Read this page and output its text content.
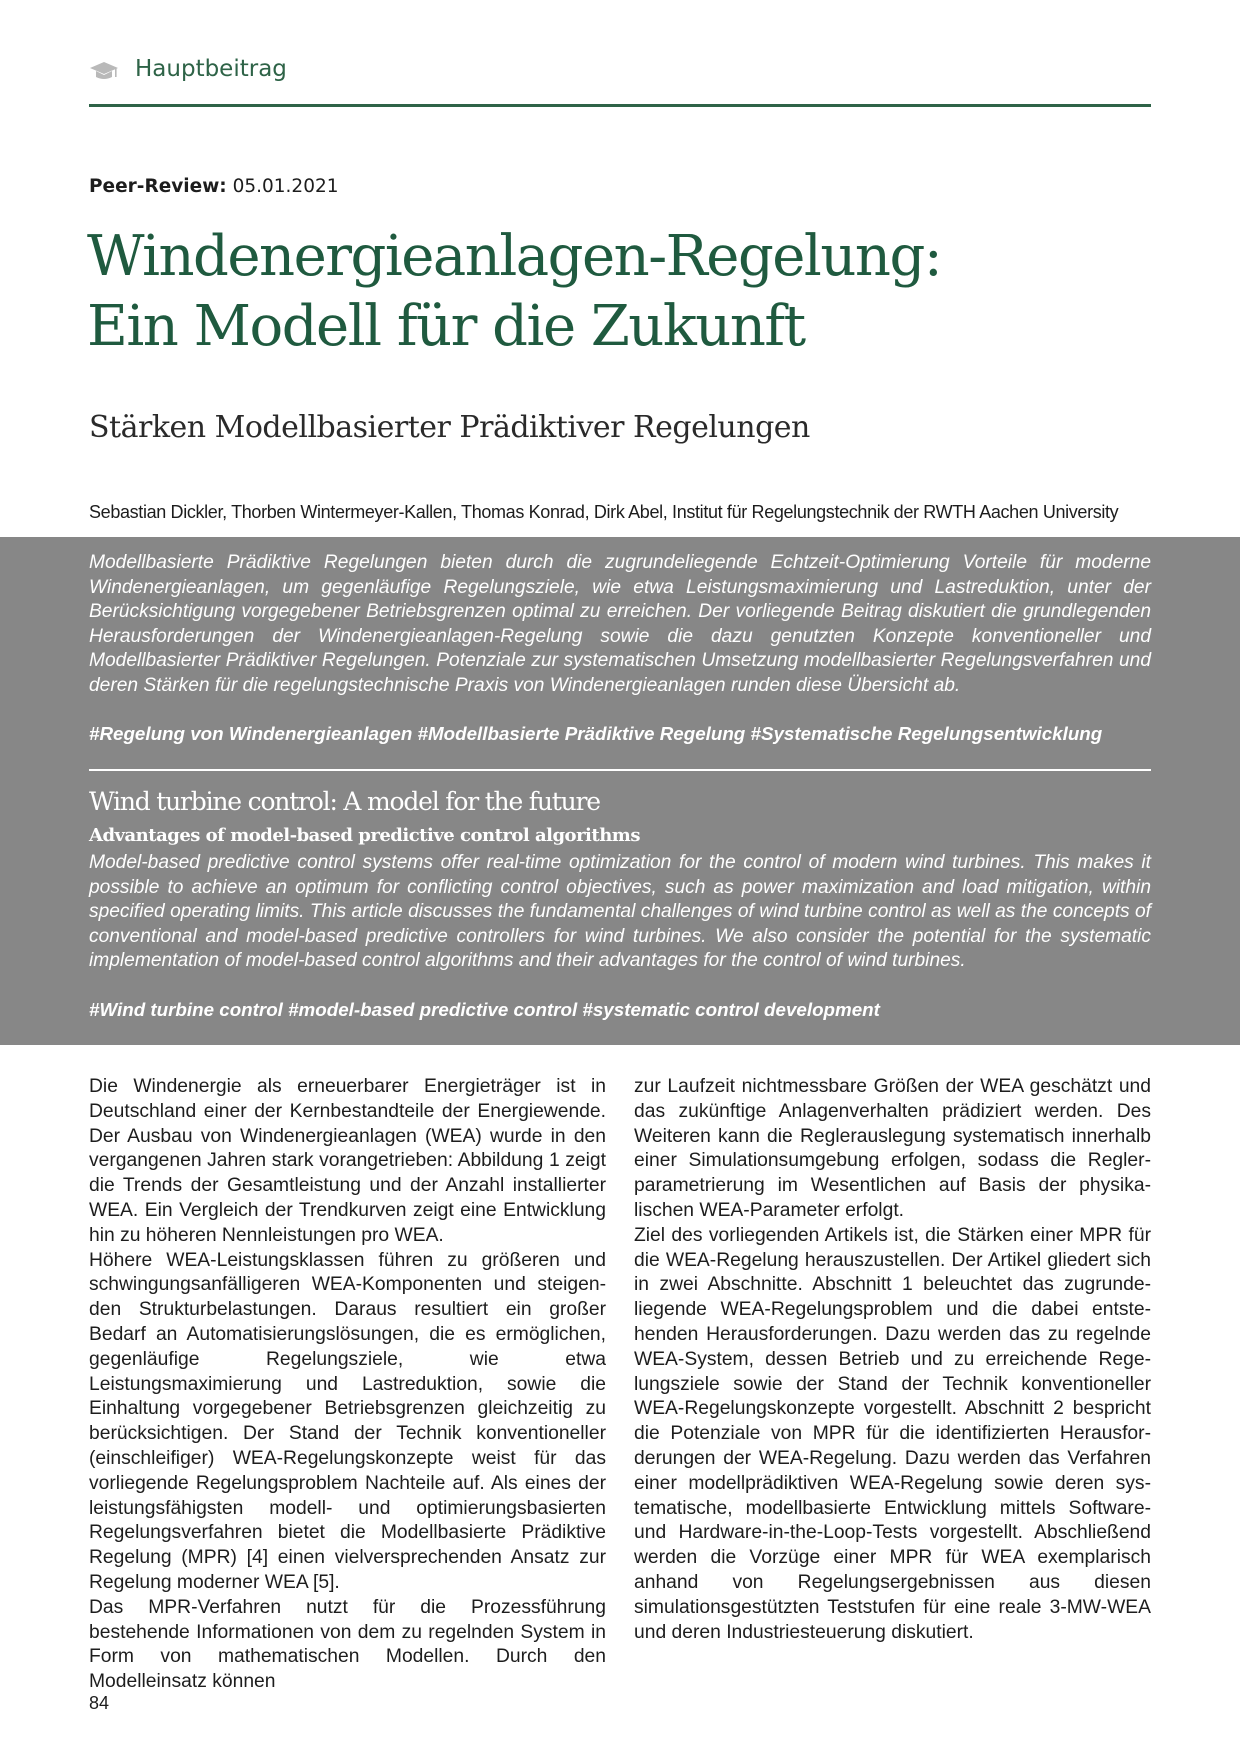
Hauptbeitrag
Peer-Review: 05.01.2021
Windenergieanlagen-Regelung:
Ein Modell für die Zukunft
Stärken Modellbasierter Prädiktiver Regelungen
Sebastian Dickler, Thorben Wintermeyer-Kallen, Thomas Konrad, Dirk Abel, Institut für Regelungstechnik der RWTH Aachen University

Modellbasierte Prädiktive Regelungen bieten durch die zugrundeliegende Echtzeit-Optimierung Vorteile für moderne Windenergieanlagen, um gegenläufige Regelungsziele, wie etwa Leistungsmaximierung und Lastreduktion, unter der Berücksichtigung vorgegebener Betriebsgrenzen optimal zu erreichen. Der vorliegende Beitrag diskutiert die grundlegenden Herausforderungen der Windenergieanlagen-Regelung sowie die dazu genutzten Konzepte konventioneller und Modellbasierter Prädiktiver Regelungen. Potenziale zur systematischen Umsetzung modellbasierter Regelungsverfahren und deren Stärken für die regelungstechnische Praxis von Windenergieanlagen runden diese Übersicht ab.

#Regelung von Windenergieanlagen #Modellbasierte Prädiktive Regelung #Systematische Regelungsentwicklung

Wind turbine control: A model for the future
Advantages of model-based predictive control algorithms

Model-based predictive control systems offer real-time optimization for the control of modern wind turbines. This makes it possible to achieve an optimum for conflicting control objectives, such as power maximization and load mitigation, within specified operating limits. This article discusses the fundamental challenges of wind turbine control as well as the concepts of conventional and model-based predictive controllers for wind turbines. We also consider the potential for the systematic implementation of model-based control algorithms and their advantages for the control of wind turbines.

#Wind turbine control #model-based predictive control #systematic control development

Die Windenergie als erneuerbarer Energieträger ist in Deutschland einer der Kernbestandteile der Energiewende. Der Ausbau von Windenergieanlagen (WEA) wurde in den vergangenen Jahren stark vorangetrieben: Abbildung 1 zeigt die Trends der Gesamtleistung und der Anzahl installierter WEA. Ein Vergleich der Trendkurven zeigt eine Entwicklung hin zu höheren Nennleistungen pro WEA.

Höhere WEA-Leistungsklassen führen zu größeren und schwingungsanfälligeren WEA-Komponenten und steigenden Strukturbelastungen. Daraus resultiert ein großer Bedarf an Automatisierungslösungen, die es ermöglichen, gegenläufige Regelungsziele, wie etwa Leistungsmaximierung und Lastreduktion, sowie die Einhaltung vorgegebener Betriebsgrenzen gleichzeitig zu berücksichtigen. Der Stand der Technik konventioneller (einschleifiger) WEA-Regelungskonzepte weist für das vorliegende Regelungsproblem Nachteile auf. Als eines der leistungsfähigsten modell- und optimierungsbasierten Regelungsverfahren bietet die Modellbasierte Prädiktive Regelung (MPR) [4] einen vielversprechenden Ansatz zur Regelung moderner WEA [5].

Das MPR-Verfahren nutzt für die Prozessführung bestehende Informationen von dem zu regelnden System in Form von mathematischen Modellen. Durch den Modelleinsatz können

zur Laufzeit nichtmessbare Größen der WEA geschätzt und das zukünftige Anlagenverhalten prädiziert werden. Des Weiteren kann die Reglerauslegung systematisch innerhalb einer Simulationsumgebung erfolgen, sodass die Reglerparametrierung im Wesentlichen auf Basis der physikalischen WEA-Parameter erfolgt.

Ziel des vorliegenden Artikels ist, die Stärken einer MPR für die WEA-Regelung herauszustellen. Der Artikel gliedert sich in zwei Abschnitte. Abschnitt 1 beleuchtet das zugrundeliegende WEA-Regelungsproblem und die dabei entstehenden Herausforderungen. Dazu werden das zu regelnde WEA-System, dessen Betrieb und zu erreichende Regelungsziele sowie der Stand der Technik konventioneller WEA-Regelungskonzepte vorgestellt. Abschnitt 2 bespricht die Potenziale von MPR für die identifizierten Herausforderungen der WEA-Regelung. Dazu werden das Verfahren einer modellprädiktiven WEA-Regelung sowie deren systematische, modellbasierte Entwicklung mittels Software- und Hardware-in-the-Loop-Tests vorgestellt. Abschließend werden die Vorzüge einer MPR für WEA exemplarisch anhand von Regelungsergebnissen aus diesen simulationsgestützten Teststufen für eine reale 3-MW-WEA und deren Industriesteuerung diskutiert.

84
